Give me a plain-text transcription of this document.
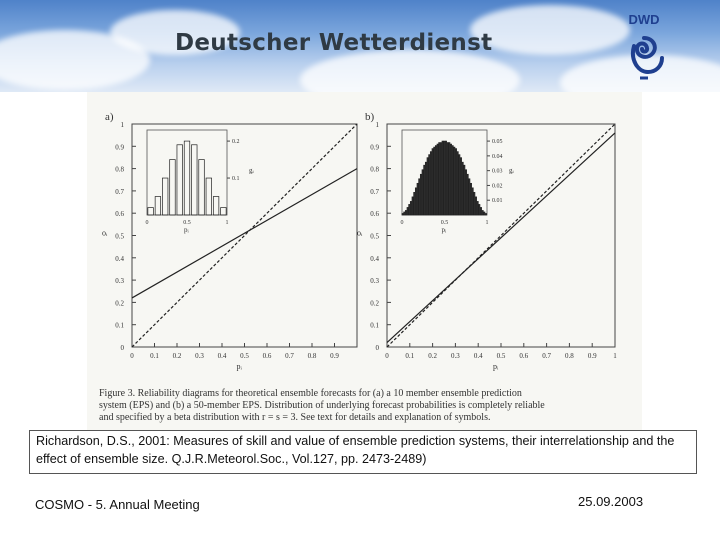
Deutscher Wetterdienst
DWD
a)
0
0.1
0.2
0.3
0.4
0.5
0.6
0.7
0.8
0.9
1
0 0.1 0.2 0.3 0.4 0.5 0.6 0.7 0.8 0.9
pᵢ
oᵢ
0	0.5	1
pᵢ
0.2
0.1
gᵢ
b)
0
0.1
0.2
0.3
0.4
0.5
0.6
0.7
0.8
0.9
1
0 0.1 0.2 0.3 0.4 0.5 0.6 0.7 0.8 0.9 1
pᵢ
oᵢ
0	0.5	1
pᵢ
0.05
0.04
0.03
0.02
0.01
gᵢ
Figure 3. Reliability diagrams for theoretical ensemble forecasts for (a) a 10 member ensemble prediction
system (EPS) and (b) a 50-member EPS. Distribution of underlying forecast probabilities is completely reliable
and specified by a beta distribution with r = s = 3. See text for details and explanation of symbols.
Richardson, D.S., 2001: Measures of skill and value of ensemble prediction systems, their interrelationship and the effect of ensemble size. Q.J.R.Meteorol.Soc., Vol.127, pp. 2473-2489)
COSMO - 5. Annual Meeting	25.09.2003
